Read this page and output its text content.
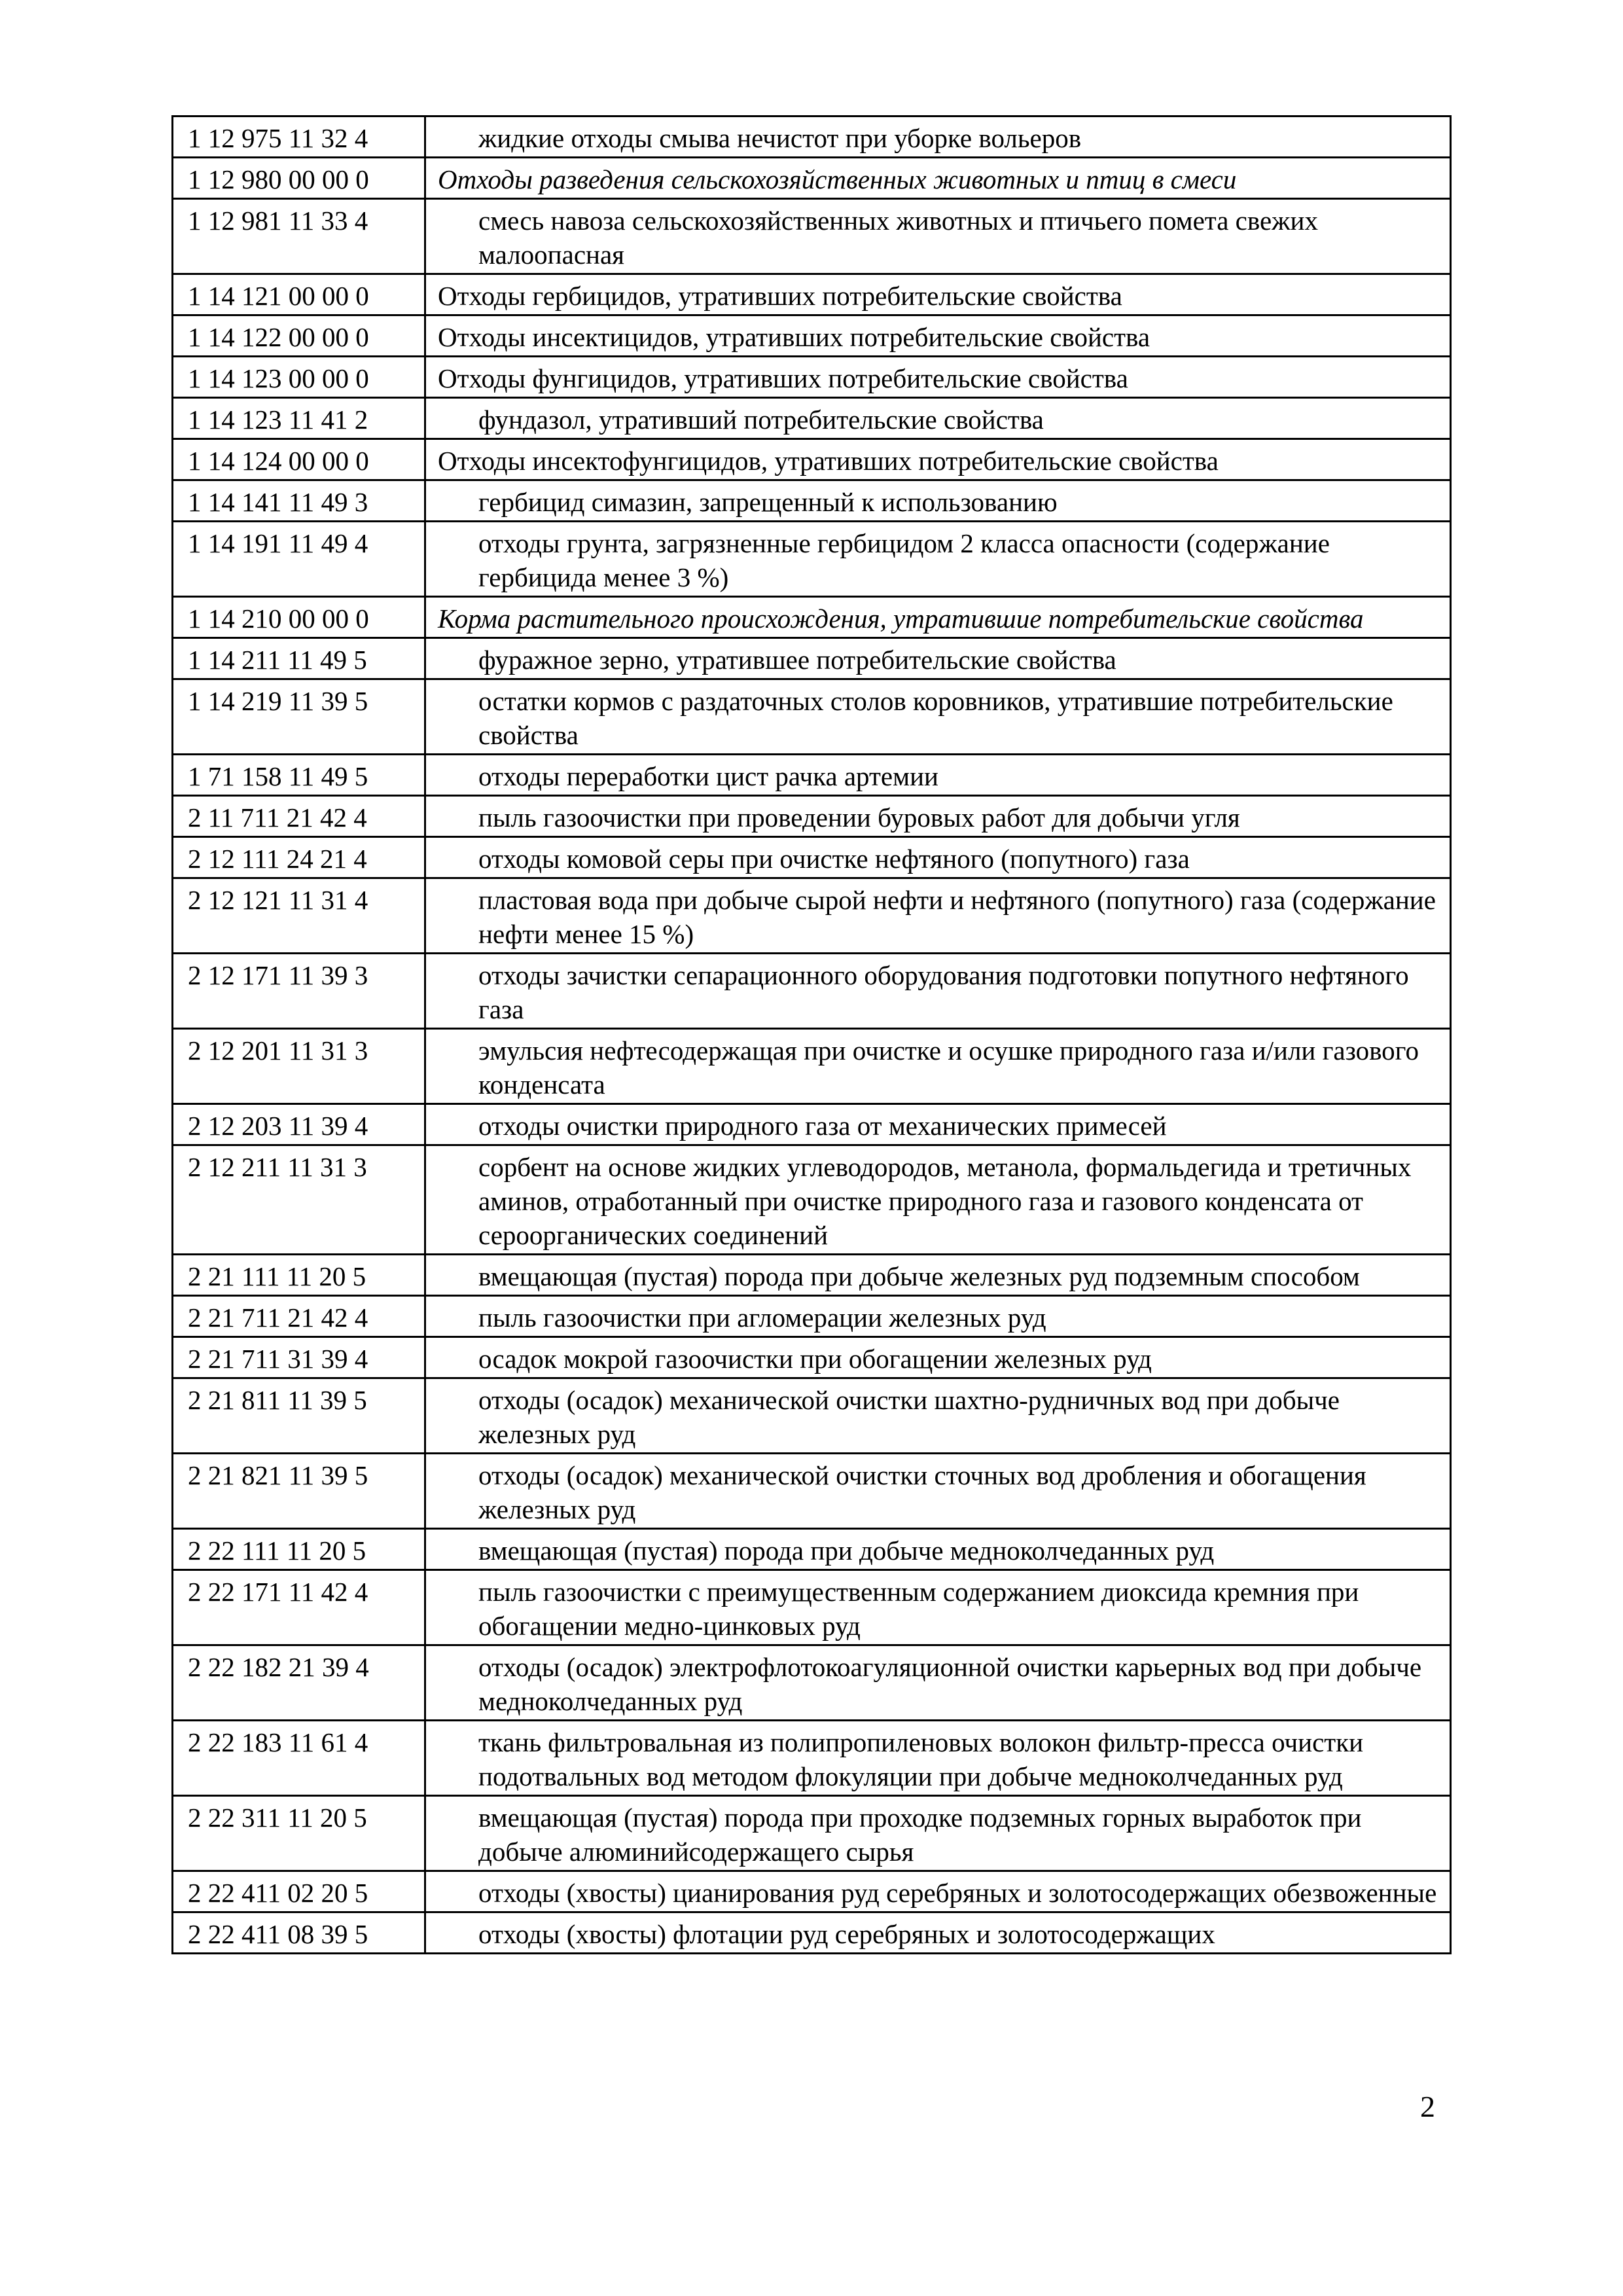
1 12 975 11 32 4	жидкие отходы смыва нечистот при уборке вольеров
1 12 980 00 00 0	Отходы разведения сельскохозяйственных животных и птиц в смеси
1 12 981 11 33 4	смесь навоза сельскохозяйственных животных и птичьего помета свежих малоопасная
1 14 121 00 00 0	Отходы гербицидов, утративших потребительские свойства
1 14 122 00 00 0	Отходы инсектицидов, утративших потребительские свойства
1 14 123 00 00 0	Отходы фунгицидов, утративших потребительские свойства
1 14 123 11 41 2	фундазол, утративший потребительские свойства
1 14 124 00 00 0	Отходы инсектофунгицидов, утративших потребительские свойства
1 14 141 11 49 3	гербицид симазин, запрещенный к использованию
1 14 191 11 49 4	отходы грунта, загрязненные гербицидом 2 класса опасности (содержание гербицида менее 3 %)
1 14 210 00 00 0	Корма растительного происхождения, утратившие потребительские свойства
1 14 211 11 49 5	фуражное зерно, утратившее потребительские свойства
1 14 219 11 39 5	остатки кормов с раздаточных столов коровников, утратившие потребительские свойства
1 71 158 11 49 5	отходы переработки цист рачка артемии
2 11 711 21 42 4	пыль газоочистки при проведении буровых работ для добычи угля
2 12 111 24 21 4	отходы комовой серы при очистке нефтяного (попутного) газа
2 12 121 11 31 4	пластовая вода при добыче сырой нефти и нефтяного (попутного) газа (содержание нефти менее 15 %)
2 12 171 11 39 3	отходы зачистки сепарационного оборудования подготовки попутного нефтяного газа
2 12 201 11 31 3	эмульсия нефтесодержащая при очистке и осушке природного газа и/или газового конденсата
2 12 203 11 39 4	отходы очистки природного газа от механических примесей
2 12 211 11 31 3	сорбент на основе жидких углеводородов, метанола, формальдегида и третичных аминов, отработанный при очистке природного газа и газового конденсата от сероорганических соединений
2 21 111 11 20 5	вмещающая (пустая) порода при добыче железных руд подземным способом
2 21 711 21 42 4	пыль газоочистки при агломерации железных руд
2 21 711 31 39 4	осадок мокрой газоочистки при обогащении железных руд
2 21 811 11 39 5	отходы (осадок) механической очистки шахтно-рудничных вод при добыче железных руд
2 21 821 11 39 5	отходы (осадок) механической очистки сточных вод дробления и обогащения железных руд
2 22 111 11 20 5	вмещающая (пустая) порода при добыче медноколчеданных руд
2 22 171 11 42 4	пыль газоочистки с преимущественным содержанием диоксида кремния при обогащении медно-цинковых руд
2 22 182 21 39 4	отходы (осадок) электрофлотокоагуляционной очистки карьерных вод при добыче медноколчеданных руд
2 22 183 11 61 4	ткань фильтровальная из полипропиленовых волокон фильтр-пресса очистки подотвальных вод методом флокуляции при добыче медноколчеданных руд
2 22 311 11 20 5	вмещающая (пустая) порода при проходке подземных горных выработок при добыче алюминийсодержащего сырья
2 22 411 02 20 5	отходы (хвосты) цианирования руд серебряных и золотосодержащих обезвоженные
2 22 411 08 39 5	отходы (хвосты) флотации руд серебряных и золотосодержащих
2
